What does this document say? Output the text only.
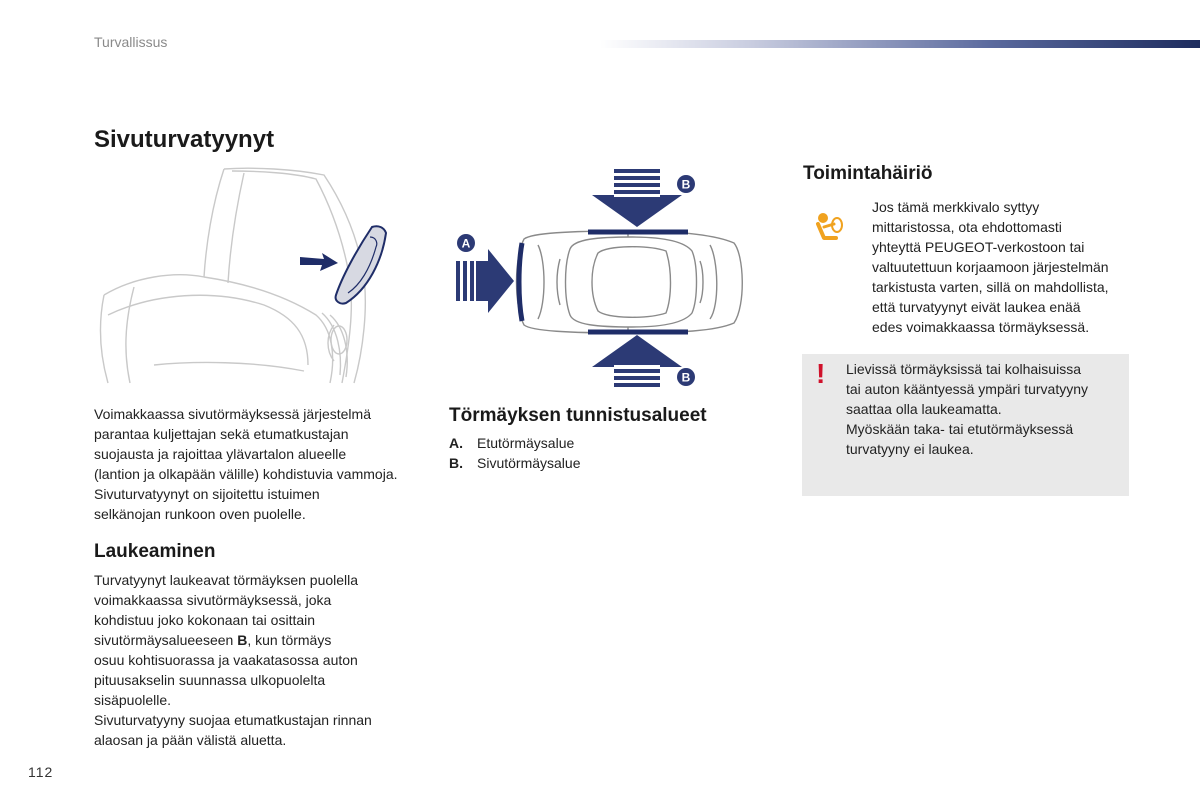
Turvallissus
Sivuturvatyynyt

Voimakkaassa sivutörmäyksessä järjestelmä
parantaa kuljettajan sekä etumatkustajan
suojausta ja rajoittaa ylävartalon alueelle
(lantion ja olkapään välille) kohdistuvia vammoja.
Sivuturvatyynyt on sijoitettu istuimen
selkänojan runkoon oven puolelle.

Laukeaminen

Turvatyynyt laukeavat törmäyksen puolella
voimakkaassa sivutörmäyksessä, joka
kohdistuu joko kokonaan tai osittain
sivutörmäysalueeseen B, kun törmäys
osuu kohtisuorassa ja vaakatasossa auton
pituusakselin suunnassa ulkopuolelta
sisäpuolelle.
Sivuturvatyyny suojaa etumatkustajan rinnan
alaosan ja pään välistä aluetta.

B
A
B
Törmäyksen tunnistusalueet
A. Etutörmäysalue
B. Sivutörmäysalue
Toimintahäiriö

Jos tämä merkkivalo syttyy
mittaristossa, ota ehdottomasti
yhteyttä PEUGEOT-verkostoon tai
valtuutettuun korjaamoon järjestelmän
tarkistusta varten, sillä on mahdollista,
että turvatyynyt eivät laukea enää
edes voimakkaassa törmäyksessä.

! Lievissä törmäyksissä tai kolhaisuissa
tai auton kääntyessä ympäri turvatyyny
saattaa olla laukeamatta.
Myöskään taka- tai etutörmäyksessä
turvatyyny ei laukea.

112
